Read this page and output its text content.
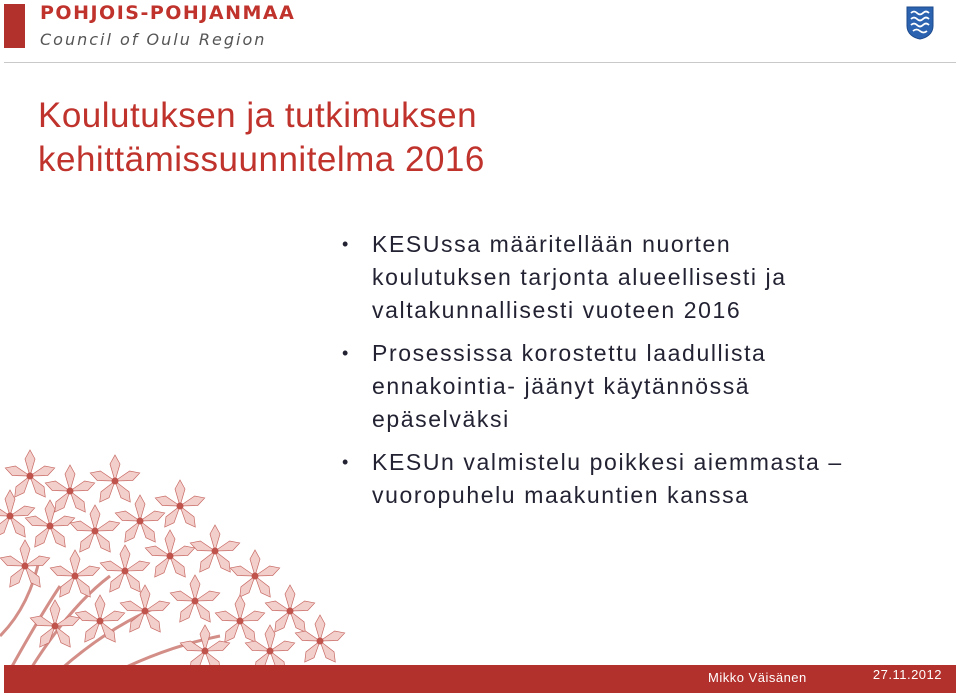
POHJOIS-POHJANMAA

Council of Oulu Region

Koulutuksen ja tutkimuksen
kehittämissuunnitelma 2016
• KESUssa määritellään nuorten
koulutuksen tarjonta alueellisesti ja
valtakunnallisesti vuoteen 2016
• Prosessissa korostettu laadullista
ennakointia- jäänyt käytännössä
epäselväksi
• KESUn valmistelu poikkesi aiemmasta –
vuoropuhelu maakuntien kanssa
Mikko Väisänen	27.11.2012
